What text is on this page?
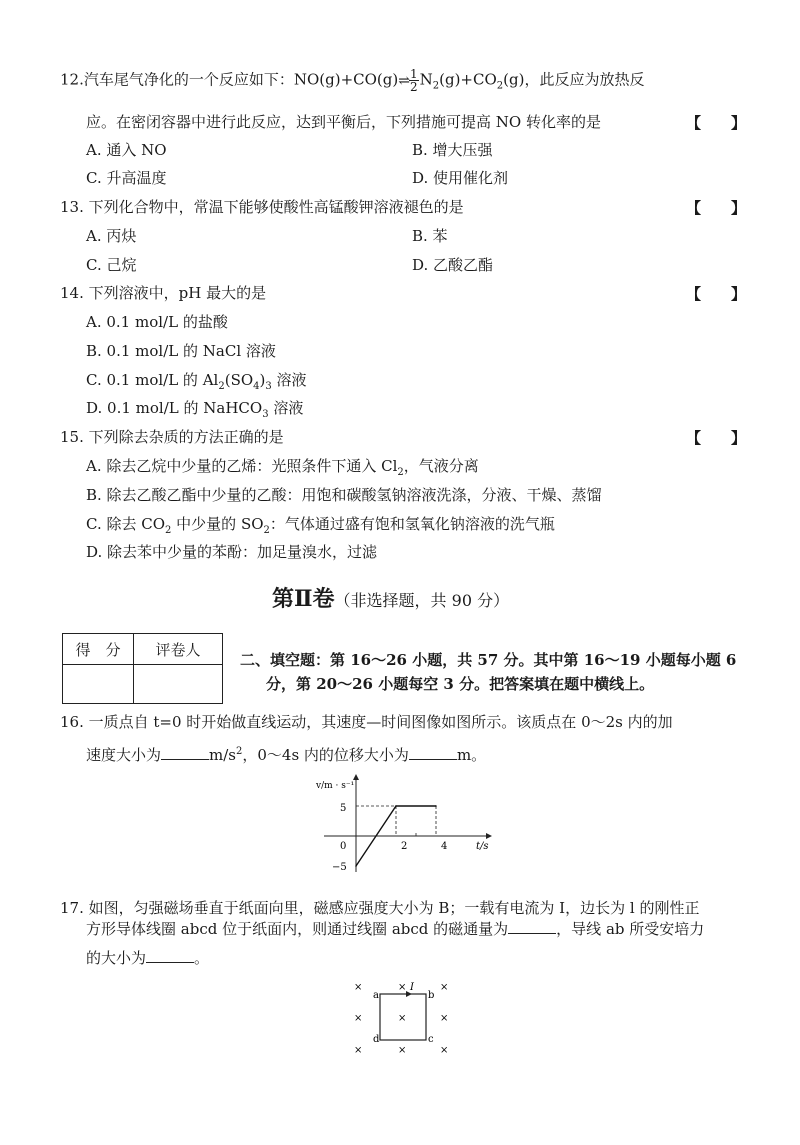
12.汽车尾气净化的一个反应如下：NO(g)+CO(g)⇌ $\frac{1}{2} N_2(g)+CO_2(g)$，此反应为放热反
应。在密闭容器中进行此反应，达到平衡后，下列措施可提高 NO 转化率的是	【　　】
A. 通入 NO	B. 增大压强
C. 升高温度	D. 使用催化剂
13. 下列化合物中，常温下能够使酸性高锰酸钾溶液褪色的是	【　　】
A. 丙炔	B. 苯
C. 己烷	D. 乙酸乙酯
14. 下列溶液中，pH 最大的是	【　　】
A. 0.1 mol/L 的盐酸
B. 0.1 mol/L 的 NaCl 溶液
C. 0.1 mol/L 的 $Al_2(SO_4)_3$ 溶液
D. 0.1 mol/L 的 NaHCO$_3$ 溶液
15. 下列除去杂质的方法正确的是	【　　】
A. 除去乙烷中少量的乙烯：光照条件下通入 $Cl_2$，气液分离
B. 除去乙酸乙酯中少量的乙酸：用饱和碳酸氢钠溶液洗涤，分液、干燥、蒸馏
C. 除去 $CO_2$ 中少量的 $SO_2$：气体通过盛有饱和氢氧化钠溶液的洗气瓶
D. 除去苯中少量的苯酚：加足量溴水，过滤
第Ⅱ卷（非选择题，共 90 分）
得　分	评卷人

二、填空题：第 16～26 小题，共 57 分。其中第 16～19 小题每小题 6
分，第 20～26 小题每空 3 分。把答案填在题中横线上。
16. 一质点自 t=0 时开始做直线运动，其速度—时间图像如图所示。该质点在 0～2s 内的加
速度大小为	$m/s^2$，0～4s 内的位移大小为	m。
v/m · s⁻¹
t/s
5
−5
0	2	4
17. 如图，匀强磁场垂直于纸面向里，磁感应强度大小为 B；一载有电流为 I，边长为 l 的刚性正
方形导体线圈 abcd 位于纸面内，则通过线圈 abcd 的磁通量为	，导线 ab 所受安培力
的大小为	。
I
a	b
c
d
×	×	×
×	×	×
×	×	×
